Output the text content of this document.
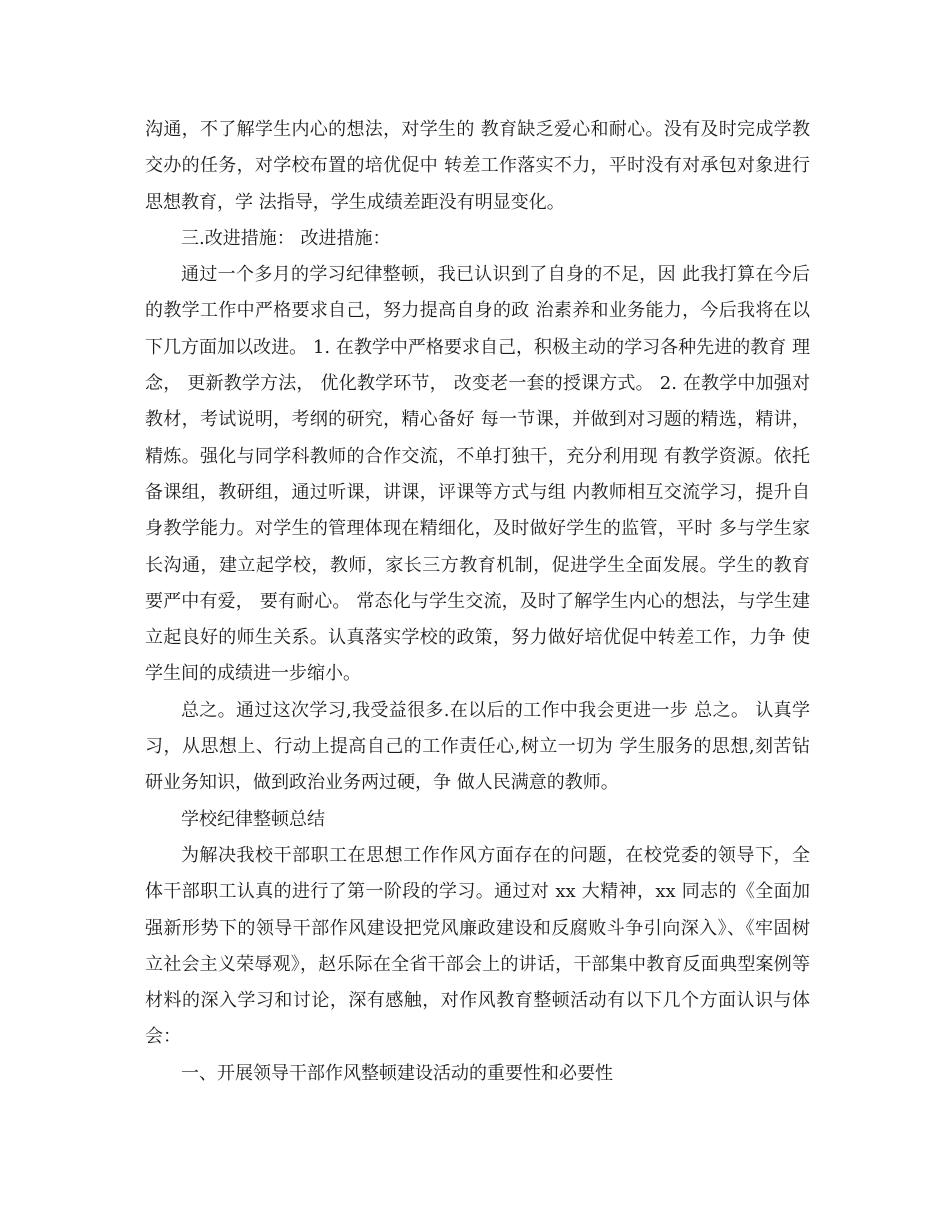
沟通，不了解学生内心的想法，对学生的 教育缺乏爱心和耐心。没有及时完成学教交办的任务，对学校布置的培优促中 转差工作落实不力，平时没有对承包对象进行思想教育，学 法指导，学生成绩差距没有明显变化。

三.改进措施： 改进措施：

通过一个多月的学习纪律整顿，我已认识到了自身的不足，因 此我打算在今后的教学工作中严格要求自己，努力提高自身的政 治素养和业务能力，今后我将在以下几方面加以改进。 1. 在教学中严格要求自己，积极主动的学习各种先进的教育 理念， 更新教学方法， 优化教学环节， 改变老一套的授课方式。 2. 在教学中加强对教材，考试说明，考纲的研究，精心备好 每一节课，并做到对习题的精选，精讲，精炼。强化与同学科教师的合作交流，不单打独干，充分利用现 有教学资源。依托备课组，教研组，通过听课，讲课，评课等方式与组 内教师相互交流学习，提升自身教学能力。对学生的管理体现在精细化，及时做好学生的监管，平时 多与学生家长沟通，建立起学校，教师，家长三方教育机制，促进学生全面发展。学生的教育要严中有爱， 要有耐心。 常态化与学生交流，及时了解学生内心的想法，与学生建立起良好的师生关系。认真落实学校的政策，努力做好培优促中转差工作，力争 使学生间的成绩进一步缩小。

总之。通过这次学习,我受益很多.在以后的工作中我会更进一步 总之。 认真学习，从思想上、行动上提高自己的工作责任心,树立一切为 学生服务的思想,刻苦钻研业务知识，做到政治业务两过硬，争 做人民满意的教师。

学校纪律整顿总结

为解决我校干部职工在思想工作作风方面存在的问题，在校党委的领导下，全体干部职工认真的进行了第一阶段的学习。通过对 xx 大精神，xx 同志的《全面加强新形势下的领导干部作风建设把党风廉政建设和反腐败斗争引向深入》、《牢固树立社会主义荣辱观》，赵乐际在全省干部会上的讲话，干部集中教育反面典型案例等材料的深入学习和讨论，深有感触，对作风教育整顿活动有以下几个方面认识与体会：

一、开展领导干部作风整顿建设活动的重要性和必要性
